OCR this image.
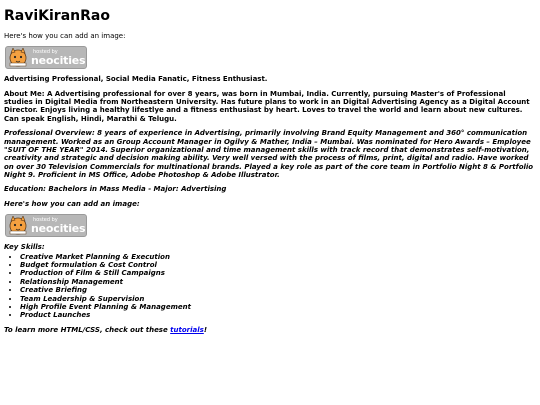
RaviKiranRao

Here's how you can add an image:

hosted by
neocities

Advertising Professional, Social Media Fanatic, Fitness Enthusiast.

About Me: A Advertising professional for over 8 years, was born in Mumbai, India. Currently, pursuing Master's of Professional studies in Digital Media from Northeastern University. Has future plans to work in an Digital Advertising Agency as a Digital Account Director. Enjoys living a healthy lifestlye and a fitness enthusiast by heart. Loves to travel the world and learn about new cultures. Can speak English, Hindi, Marathi & Telugu.

Professional Overview: 8 years of experience in Advertising, primarily involving Brand Equity Management and 360° communication management. Worked as an Group Account Manager in Ogilvy & Mather, India – Mumbai. Was nominated for Hero Awards – Employee "SUIT OF THE YEAR" 2014. Superior organizational and time management skills with track record that demonstrates self-motivation, creativity and strategic and decision making ability. Very well versed with the process of films, print, digital and radio. Have worked on over 30 Television Commercials for multinational brands. Played a key role as part of the core team in Portfolio Night 8 & Portfolio Night 9. Proficient in MS Office, Adobe Photoshop & Adobe Illustrator.

Education: Bachelors in Mass Media - Major: Advertising

Here's how you can add an image:

hosted by
neocities

Key Skills:

• Creative Market Planning & Execution
• Budget formulation & Cost Control
• Production of Film & Still Campaigns
• Relationship Management
• Creative Briefing
• Team Leadership & Supervision
• High Profile Event Planning & Management
• Product Launches

To learn more HTML/CSS, check out these tutorials!
